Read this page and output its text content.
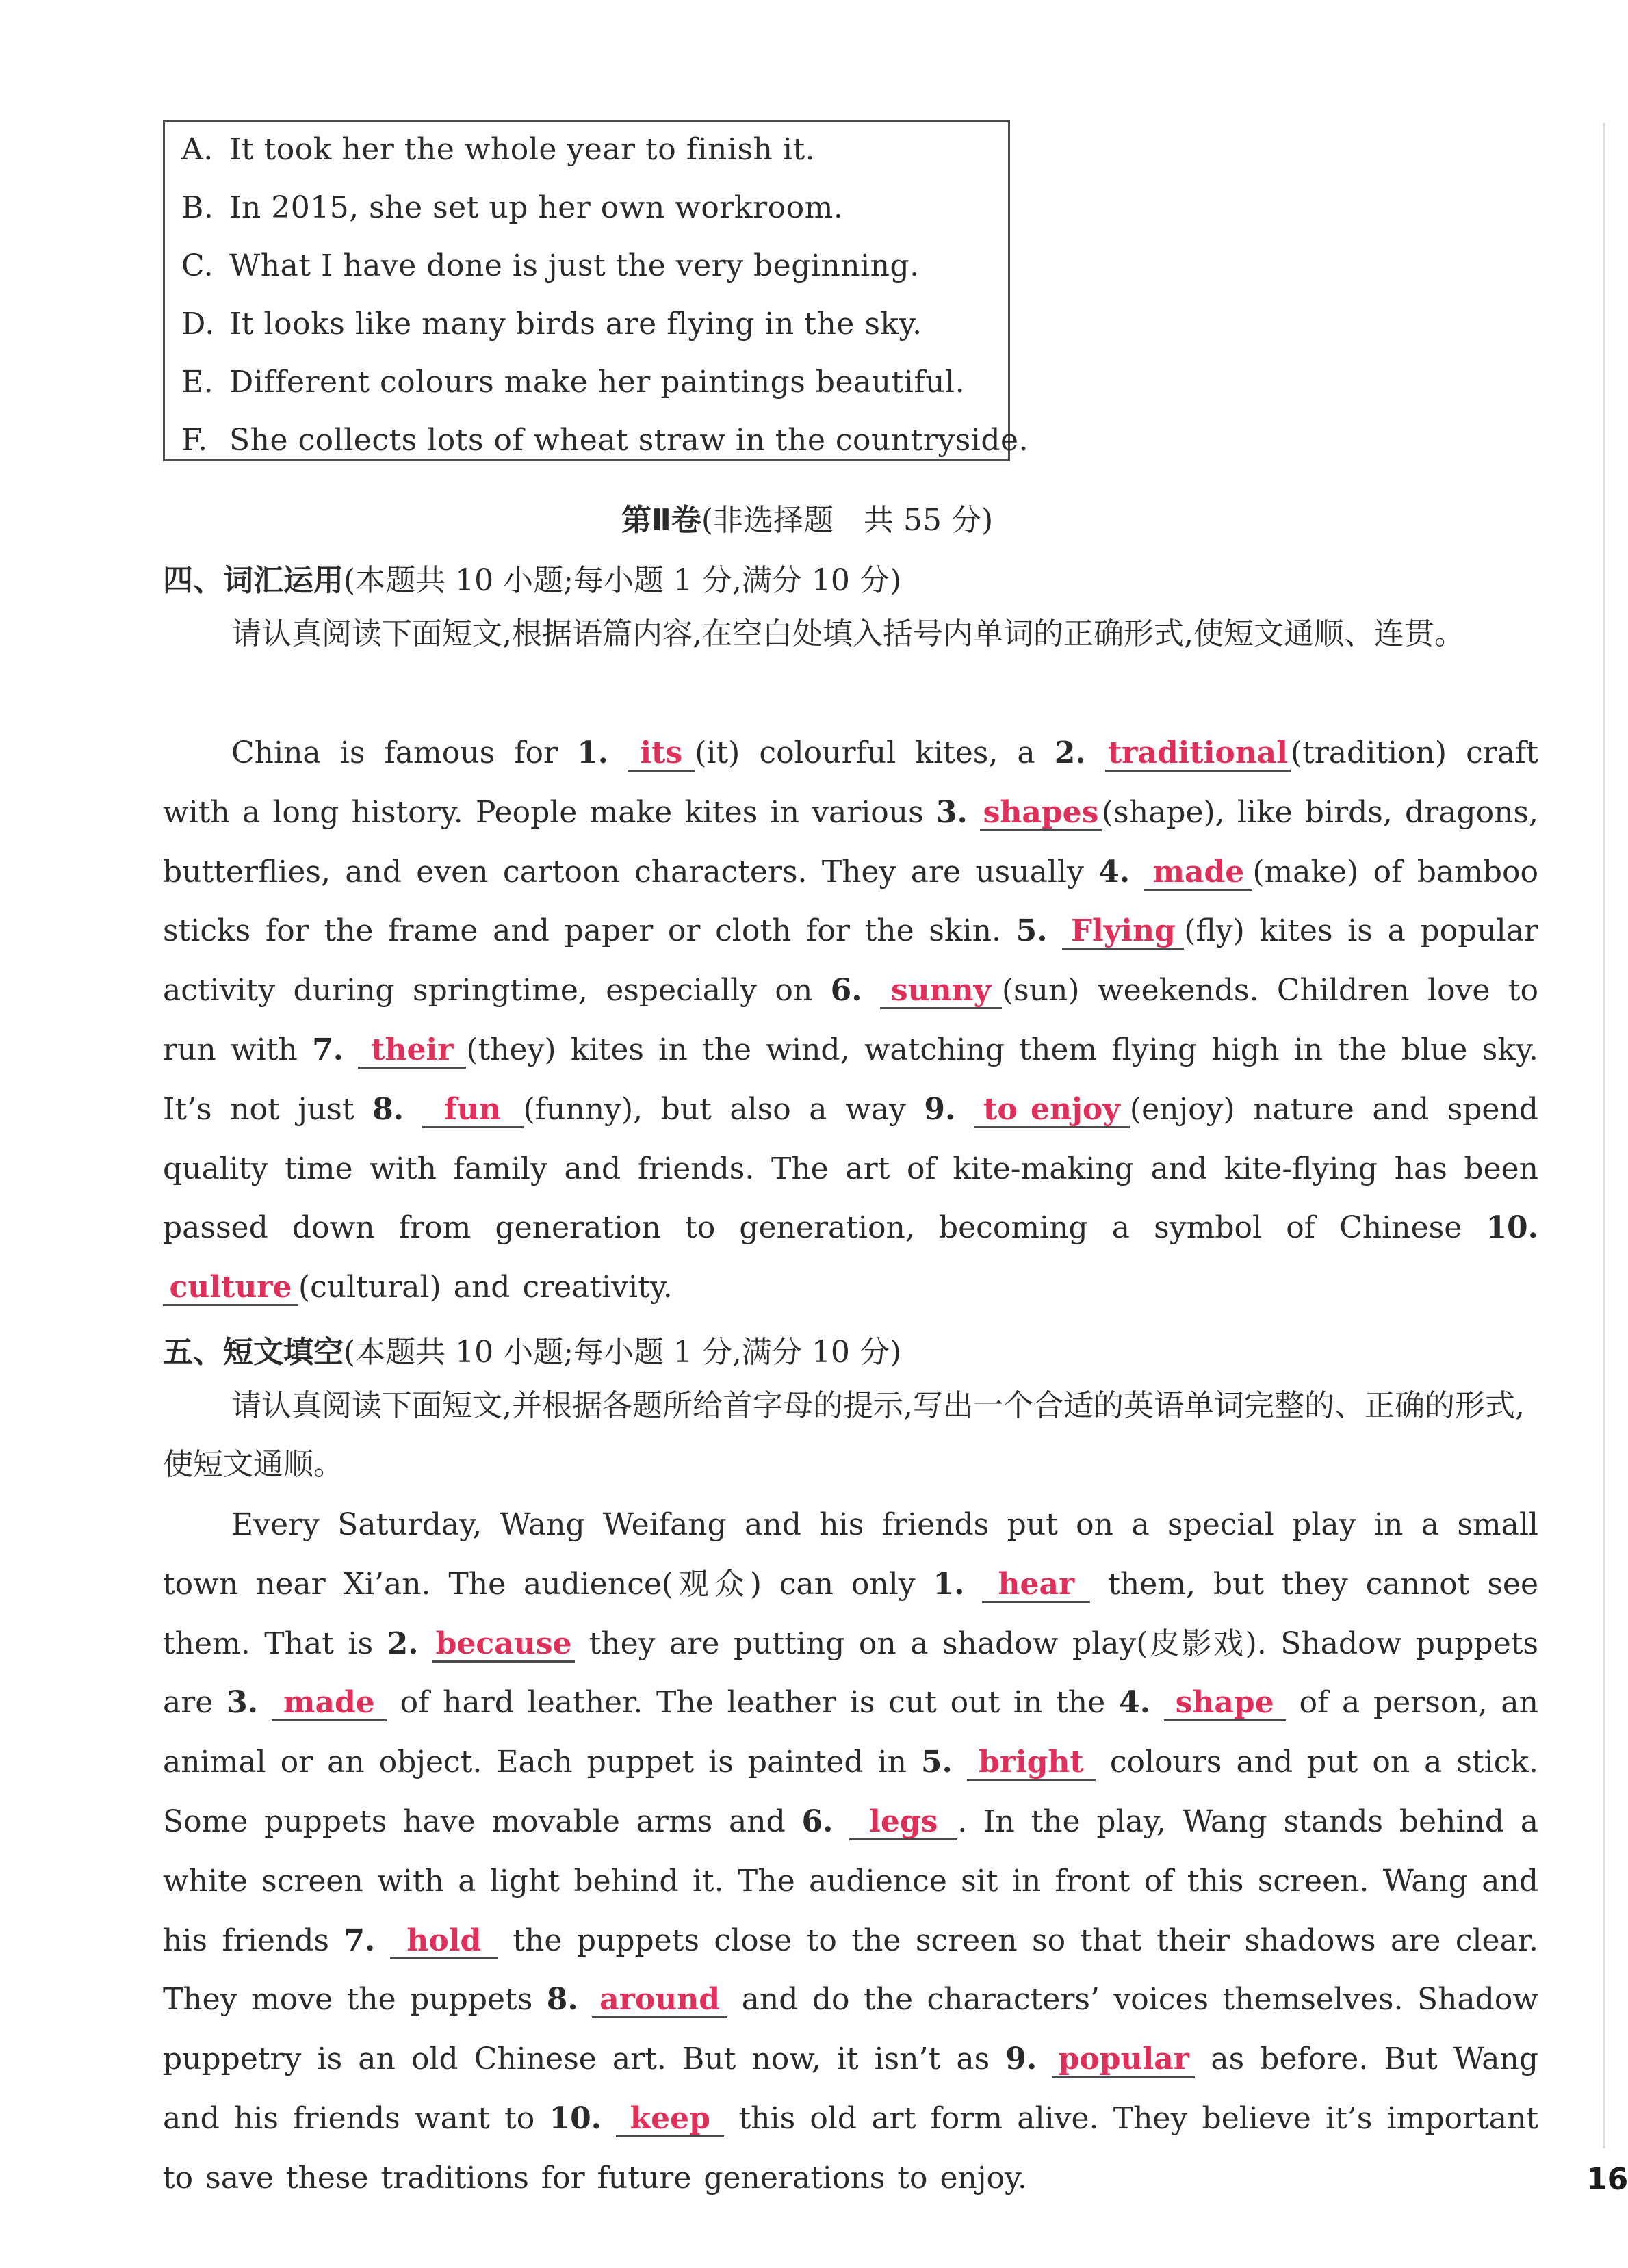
A. It took her the whole year to finish it.
B. In 2015, she set up her own workroom.
C. What I have done is just the very beginning.
D. It looks like many birds are flying in the sky.
E. Different colours make her paintings beautiful.
F. She collects lots of wheat straw in the countryside.
第Ⅱ卷(非选择题　共 55 分)
四、词汇运用(本题共 10 小题;每小题 1 分,满分 10 分)
请认真阅读下面短文,根据语篇内容,在空白处填入括号内单词的正确形式,使短文通顺、连贯。
China is famous for 1. its (it) colourful kites, a 2. traditional(tradition) craft with a long history. People make kites in various 3. shapes (shape), like birds, dragons, butterflies, and even cartoon characters. They are usually 4. made (make) of bamboo sticks for the frame and paper or cloth for the skin. 5. Flying (fly) kites is a popular activity during springtime, especially on 6. sunny (sun) weekends. Children love to run with 7. their (they) kites in the wind, watching them flying high in the blue sky. It’s not just 8. fun (funny), but also a way 9. to enjoy (enjoy) nature and spend quality time with family and friends. The art of kite-making and kite-flying has been passed down from generation to generation, becoming a symbol of Chinese 10. culture (cultural) and creativity.
五、短文填空(本题共 10 小题;每小题 1 分,满分 10 分)
请认真阅读下面短文,并根据各题所给首字母的提示,写出一个合适的英语单词完整的、正确的形式,使短文通顺。
Every Saturday, Wang Weifang and his friends put on a special play in a small town near Xi’an. The audience(观众) can only 1. hear them, but they cannot see them. That is 2. because they are putting on a shadow play(皮影戏). Shadow puppets are 3. made of hard leather. The leather is cut out in the 4. shape of a person, an animal or an object. Each puppet is painted in 5. bright colours and put on a stick. Some puppets have movable arms and 6. legs . In the play, Wang stands behind a white screen with a light behind it. The audience sit in front of this screen. Wang and his friends 7. hold the puppets close to the screen so that their shadows are clear. They move the puppets 8. around and do the characters’ voices themselves. Shadow puppetry is an old Chinese art. But now, it isn’t as 9. popular as before. But Wang and his friends want to 10. keep this old art form alive. They believe it’s important to save these traditions for future generations to enjoy.	16
